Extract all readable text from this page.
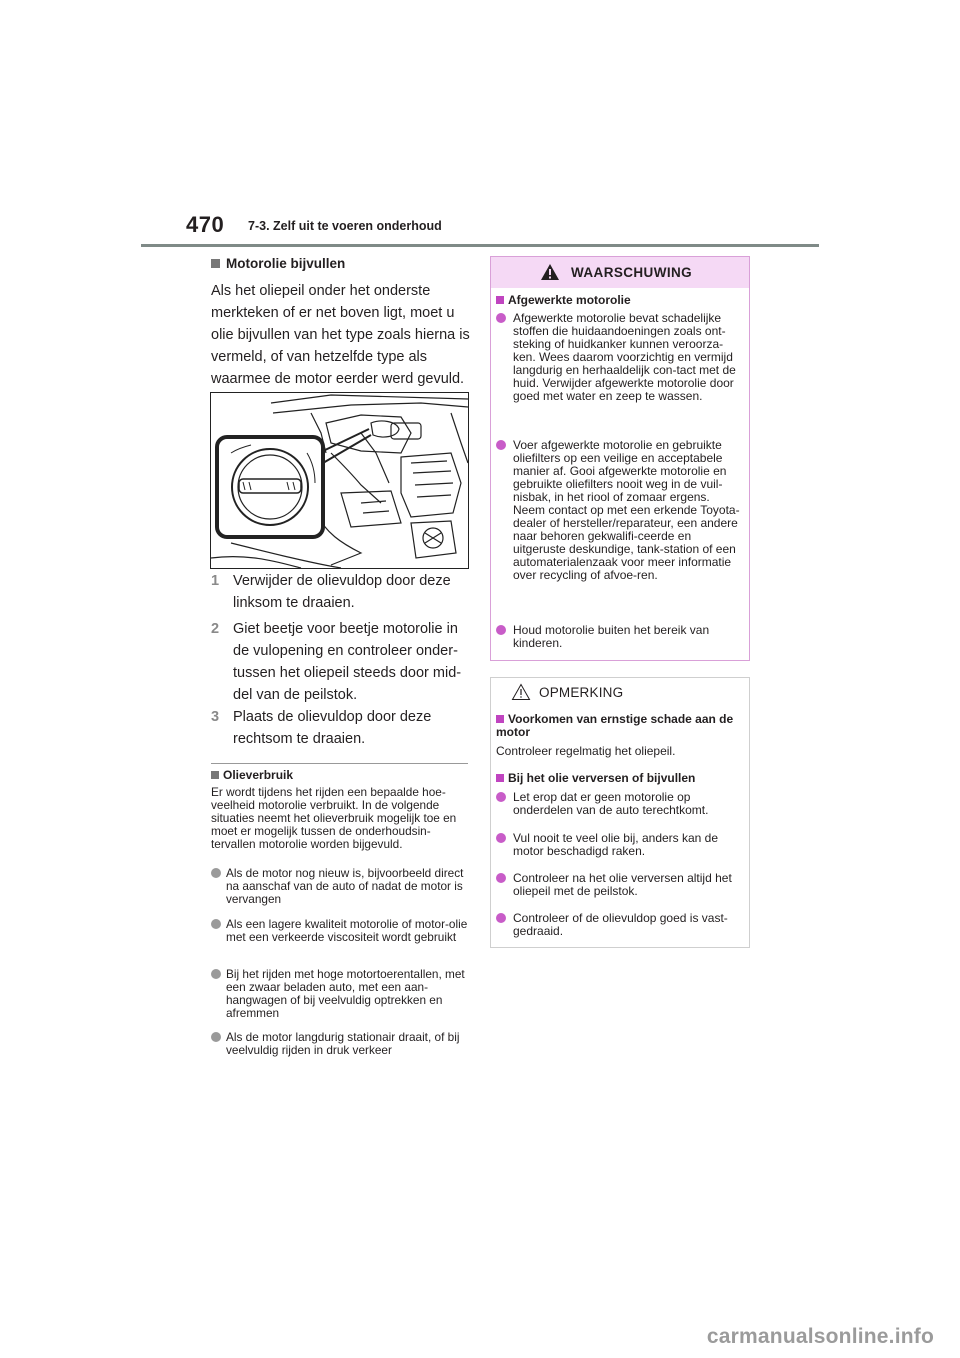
470 7-3. Zelf uit te voeren onderhoud
Motorolie bijvullen
Als het oliepeil onder het onderste merkteken of er net boven ligt, moet u olie bijvullen van het type zoals hierna is vermeld, of van hetzelfde type als waarmee de motor eerder werd gevuld.
1 Verwijder de olievuldop door deze linksom te draaien.
2 Giet beetje voor beetje motorolie in de vulopening en controleer onder-tussen het oliepeil steeds door mid-del van de peilstok.
3 Plaats de olievuldop door deze rechtsom te draaien.
Olieverbruik
Er wordt tijdens het rijden een bepaalde hoe-veelheid motorolie verbruikt. In de volgende situaties neemt het olieverbruik mogelijk toe en moet er mogelijk tussen de onderhoudsin-tervallen motorolie worden bijgevuld.
Als de motor nog nieuw is, bijvoorbeeld direct na aanschaf van de auto of nadat de motor is vervangen
Als een lagere kwaliteit motorolie of motor-olie met een verkeerde viscositeit wordt gebruikt
Bij het rijden met hoge motortoerentallen, met een zwaar beladen auto, met een aan-hangwagen of bij veelvuldig optrekken en afremmen
Als de motor langdurig stationair draait, of bij veelvuldig rijden in druk verkeer
WAARSCHUWING
Afgewerkte motorolie
Afgewerkte motorolie bevat schadelijke stoffen die huidaandoeningen zoals ont-steking of huidkanker kunnen veroorza-ken. Wees daarom voorzichtig en vermijd langdurig en herhaaldelijk con-tact met de huid. Verwijder afgewerkte motorolie door goed met water en zeep te wassen.
Voer afgewerkte motorolie en gebruikte oliefilters op een veilige en acceptabele manier af. Gooi afgewerkte motorolie en gebruikte oliefilters nooit weg in de vuil-nisbak, in het riool of zomaar ergens. Neem contact op met een erkende Toyota-dealer of hersteller/reparateur, een andere naar behoren gekwalifi-ceerde en uitgeruste deskundige, tank-station of een automaterialenzaak voor meer informatie over recycling of afvoe-ren.
Houd motorolie buiten het bereik van kinderen.
OPMERKING
Voorkomen van ernstige schade aan de motor
Controleer regelmatig het oliepeil.
Bij het olie verversen of bijvullen
Let erop dat er geen motorolie op onderdelen van de auto terechtkomt.
Vul nooit te veel olie bij, anders kan de motor beschadigd raken.
Controleer na het olie verversen altijd het oliepeil met de peilstok.
Controleer of de olievuldop goed is vast-gedraaid.
carmanualsonline.info
